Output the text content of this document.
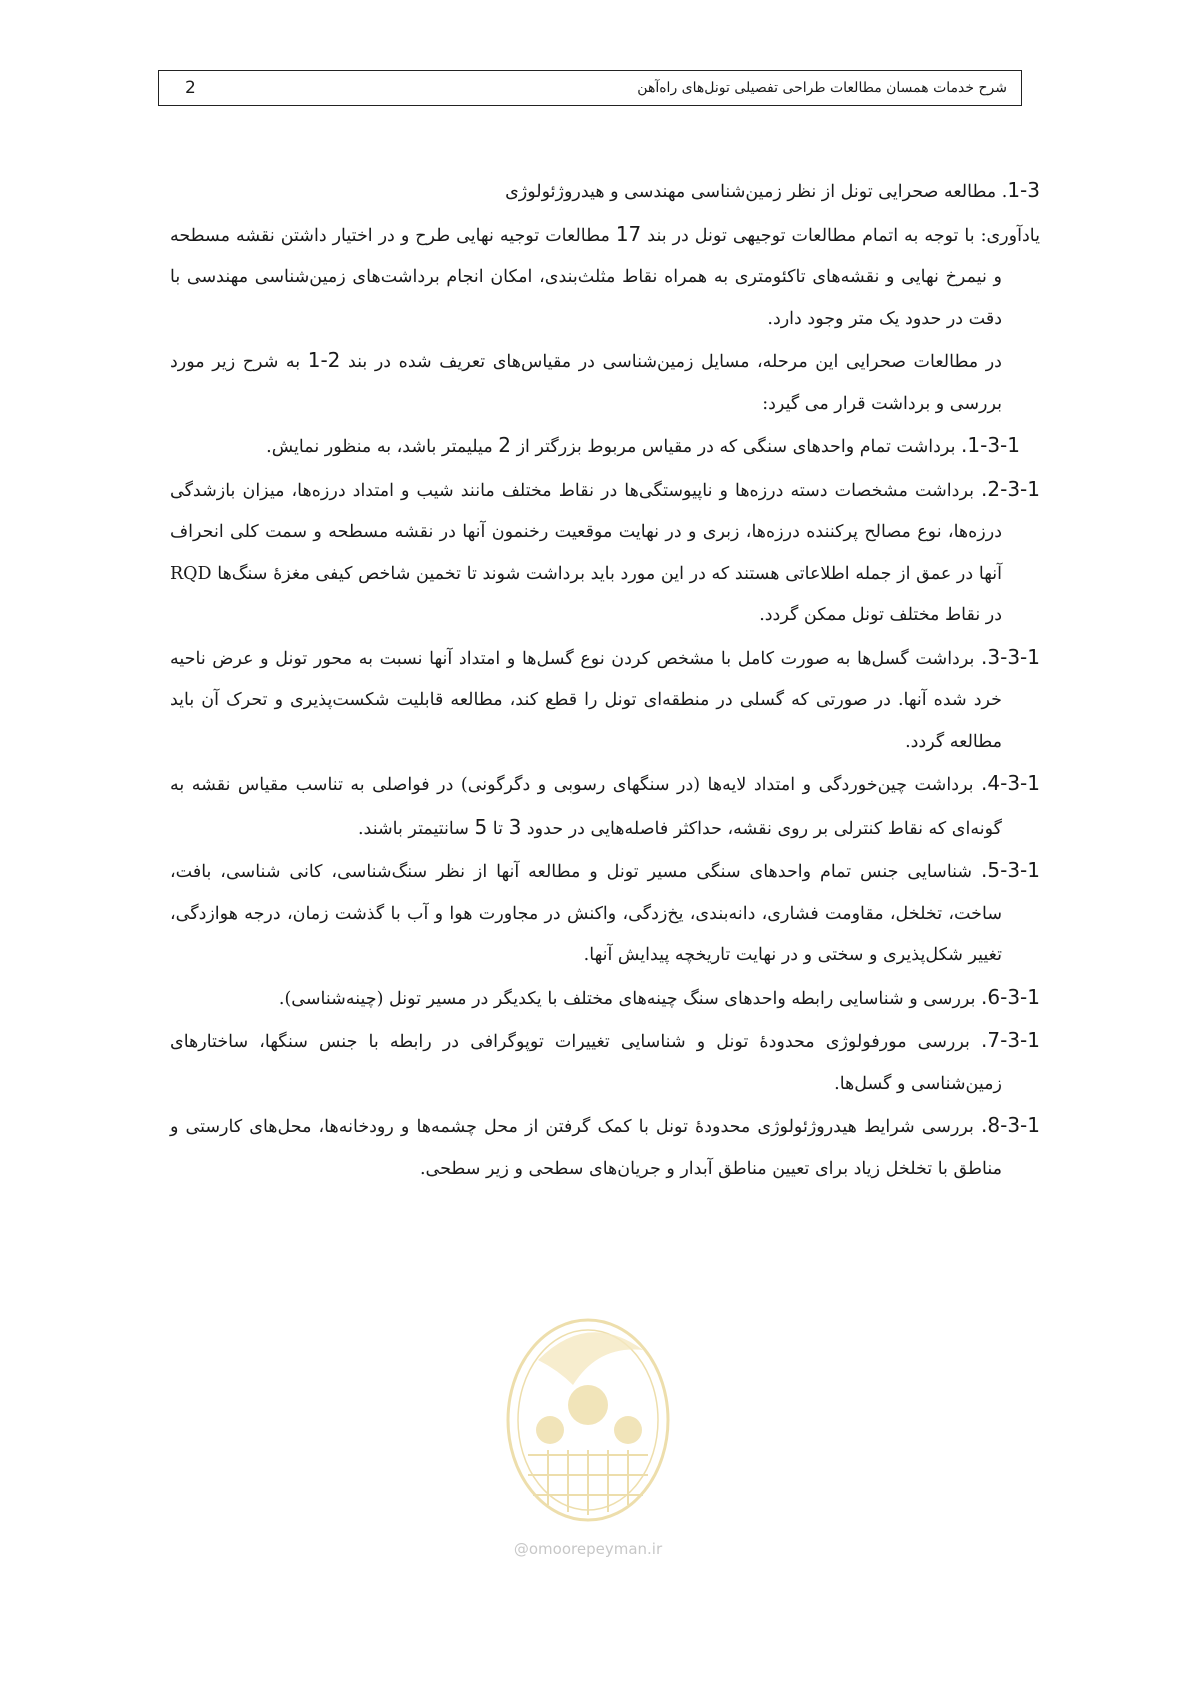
2	شرح خدمات همسان مطالعات طراحی تفصیلی تونل‌های راه‌آهن

1-3. مطالعه صحرایی تونل از نظر زمین‌شناسی مهندسی و هیدروژئولوژی

یادآوری: با توجه به اتمام مطالعات توجیهی تونل در بند 17 مطالعات توجیه نهایی طرح و در اختیار داشتن نقشه مسطحه و نیمرخ نهایی و نقشه‌های تاکئومتری به همراه نقاط مثلث‌بندی، امکان انجام برداشت‌های زمین‌شناسی مهندسی با دقت در حدود یک متر وجود دارد.

در مطالعات صحرایی این مرحله، مسایل زمین‌شناسی در مقیاس‌های تعریف شده در بند 2-1 به شرح زیر مورد بررسی و برداشت قرار می گیرد:

1-3-1. برداشت تمام واحدهای سنگی که در مقیاس مربوط بزرگتر از 2 میلیمتر باشد، به منظور نمایش.

2-3-1. برداشت مشخصات دسته درزه‌ها و ناپیوستگی‌ها در نقاط مختلف مانند شیب و امتداد درزه‌ها، میزان بازشدگی درزه‌ها، نوع مصالح پرکننده درزه‌ها، زبری و در نهایت موقعیت رخنمون آنها در نقشه مسطحه و سمت کلی انحراف آنها در عمق از جمله اطلاعاتی هستند که در این مورد باید برداشت شوند تا تخمین شاخص کیفی مغزهٔ سنگ‌ها RQD در نقاط مختلف تونل ممکن گردد.

3-3-1. برداشت گسل‌ها به صورت کامل با مشخص کردن نوع گسل‌ها و امتداد آنها نسبت به محور تونل و عرض ناحیه خرد شده آنها. در صورتی که گسلی در منطقه‌ای تونل را قطع کند، مطالعه قابلیت شکست‌پذیری و تحرک آن باید مطالعه گردد.

4-3-1. برداشت چین‌خوردگی و امتداد لایه‌ها (در سنگهای رسوبی و دگرگونی) در فواصلی به تناسب مقیاس نقشه به گونه‌ای که نقاط کنترلی بر روی نقشه، حداکثر فاصله‌هایی در حدود 3 تا 5 سانتیمتر باشند.

5-3-1. شناسایی جنس تمام واحدهای سنگی مسیر تونل و مطالعه آنها از نظر سنگ‌شناسی، کانی شناسی، بافت، ساخت، تخلخل، مقاومت فشاری، دانه‌بندی، یخ‌زدگی، واکنش در مجاورت هوا و آب با گذشت زمان، درجه هوازدگی، تغییر شکل‌پذیری و سختی و در نهایت تاریخچه پیدایش آنها.

6-3-1. بررسی و شناسایی رابطه واحدهای سنگ چینه‌های مختلف با یکدیگر در مسیر تونل (چینه‌شناسی).

7-3-1. بررسی مورفولوژی محدودهٔ تونل و شناسایی تغییرات توپوگرافی در رابطه با جنس سنگها، ساختارهای زمین‌شناسی و گسل‌ها.

8-3-1. بررسی شرایط هیدروژئولوژی محدودهٔ تونل با کمک گرفتن از محل چشمه‌ها و رودخانه‌ها، محل‌های کارستی و مناطق با تخلخل زیاد برای تعیین مناطق آبدار و جریان‌های سطحی و زیر سطحی.

@omoorepeyman.ir
